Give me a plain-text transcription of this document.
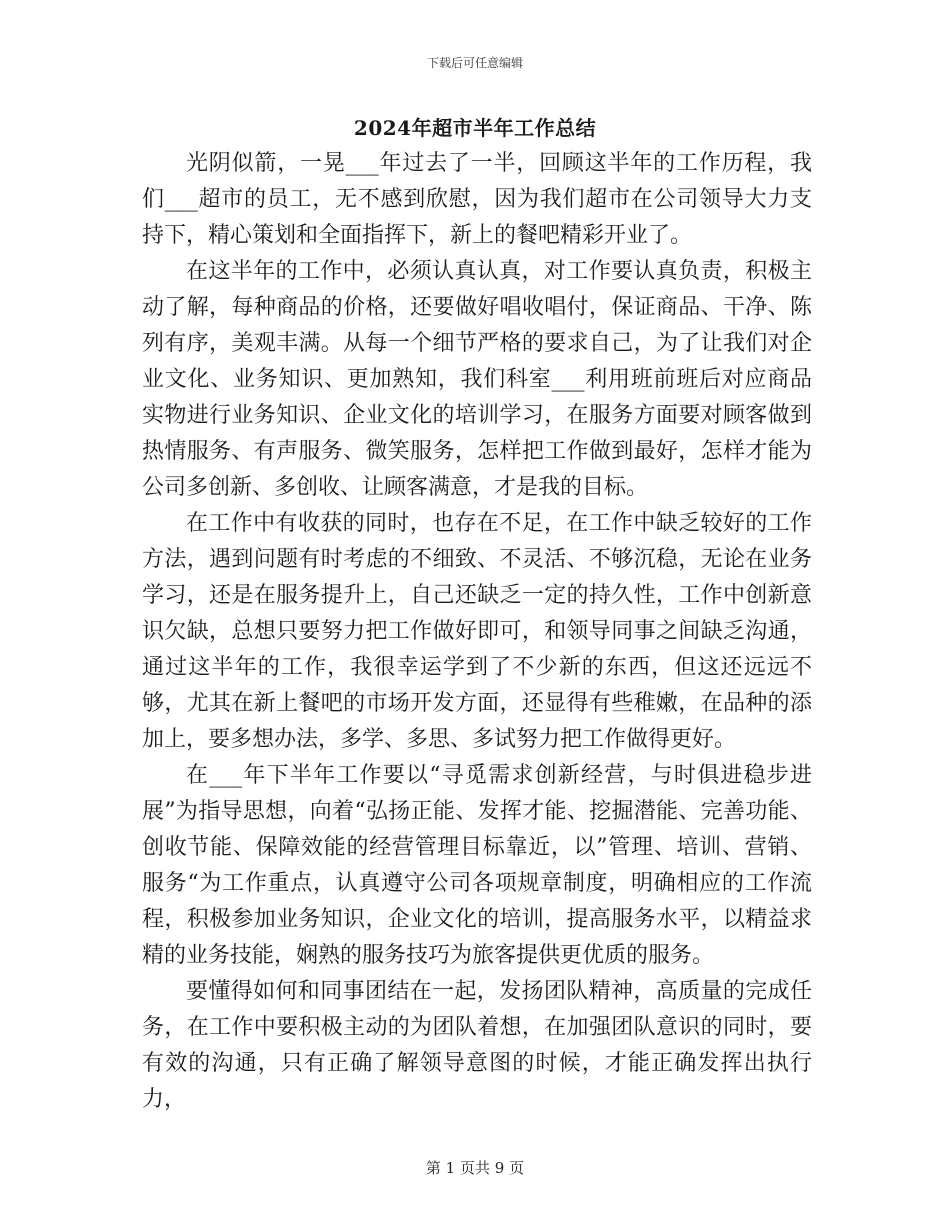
下载后可任意编辑
2024年超市半年工作总结

光阴似箭，一晃___年过去了一半，回顾这半年的工作历程，我们___超市的员工，无不感到欣慰，因为我们超市在公司领导大力支持下，精心策划和全面指挥下，新上的餐吧精彩开业了。

在这半年的工作中，必须认真认真，对工作要认真负责，积极主动了解，每种商品的价格，还要做好唱收唱付，保证商品、干净、陈列有序，美观丰满。从每一个细节严格的要求自己，为了让我们对企业文化、业务知识、更加熟知，我们科室___利用班前班后对应商品实物进行业务知识、企业文化的培训学习，在服务方面要对顾客做到热情服务、有声服务、微笑服务，怎样把工作做到最好，怎样才能为公司多创新、多创收、让顾客满意，才是我的目标。

在工作中有收获的同时，也存在不足，在工作中缺乏较好的工作方法，遇到问题有时考虑的不细致、不灵活、不够沉稳，无论在业务学习，还是在服务提升上，自己还缺乏一定的持久性，工作中创新意识欠缺，总想只要努力把工作做好即可，和领导同事之间缺乏沟通，通过这半年的工作，我很幸运学到了不少新的东西，但这还远远不够，尤其在新上餐吧的市场开发方面，还显得有些稚嫩，在品种的添加上，要多想办法，多学、多思、多试努力把工作做得更好。

在___年下半年工作要以“寻觅需求创新经营，与时俱进稳步进展”为指导思想，向着“弘扬正能、发挥才能、挖掘潜能、完善功能、创收节能、保障效能的经营管理目标靠近，以”管理、培训、营销、服务“为工作重点，认真遵守公司各项规章制度，明确相应的工作流程，积极参加业务知识，企业文化的培训，提高服务水平，以精益求精的业务技能，娴熟的服务技巧为旅客提供更优质的服务。

要懂得如何和同事团结在一起，发扬团队精神，高质量的完成任务，在工作中要积极主动的为团队着想，在加强团队意识的同时，要有效的沟通，只有正确了解领导意图的时候，才能正确发挥出执行力，

第 1 页共 9 页
